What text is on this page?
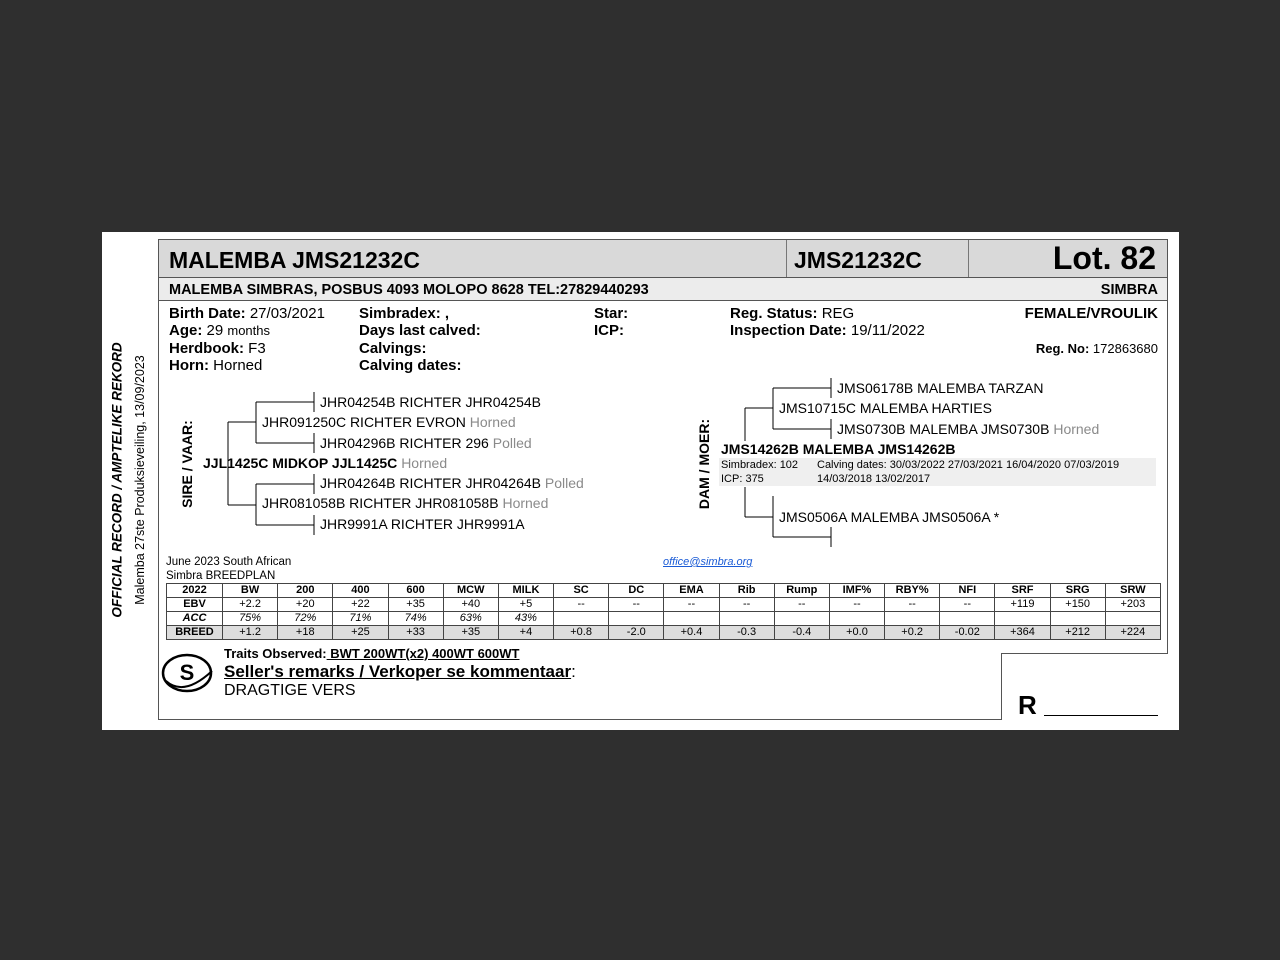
OFFICIAL RECORD / AMPTELIKE REKORD Malemba 27ste Produksieveiling, 13/09/2023
MALEMBA JMS21232C	JMS21232C	Lot. 82
MALEMBA SIMBRAS, POSBUS 4093 MOLOPO 8628 TEL:27829440293	SIMBRA
Birth Date: 27/03/2021
Age: 29 months
Herdbook: F3
Horn: Horned
Simbradex: ,
Days last calved:
Calvings:
Calving dates:
Star:
ICP:
Reg. Status: REG
Inspection Date: 19/11/2022
FEMALE/VROULIK
Reg. No: 172863680
SIRE / VAAR:
JHR04254B RICHTER JHR04254B
JHR091250C RICHTER EVRON Horned
JHR04296B RICHTER 296 Polled
JJL1425C MIDKOP JJL1425C Horned
JHR04264B RICHTER JHR04264B Polled
JHR081058B RICHTER JHR081058B Horned
JHR9991A RICHTER JHR9991A
DAM / MOER:
JMS06178B MALEMBA TARZAN
JMS10715C MALEMBA HARTIES
JMS0730B MALEMBA JMS0730B Horned
JMS14262B MALEMBA JMS14262B
Simbradex: 102 Calving dates: 30/03/2022 27/03/2021 16/04/2020 07/03/2019
ICP: 375	14/03/2018 13/02/2017
JMS0506A MALEMBA JMS0506A *
June 2023 South African
Simbra BREEDPLAN
office@simbra.org
2022	BW	200	400	600	MCW	MILK	SC	DC	EMA	Rib	Rump	IMF%	RBY%	NFI	SRF	SRG	SRW
EBV	+2.2	+20	+22	+35	+40	+5	--	--	--	--	--	--	--	--	+119	+150	+203
ACC	75%	72%	71%	74%	63%	43%											
BREED	+1.2	+18	+25	+33	+35	+4	+0.8	-2.0	+0.4	-0.3	-0.4	+0.0	+0.2	-0.02	+364	+212	+224
S
Traits Observed: BWT 200WT(x2) 400WT 600WT
Seller's remarks / Verkoper se kommentaar:
DRAGTIGE VERS	R
